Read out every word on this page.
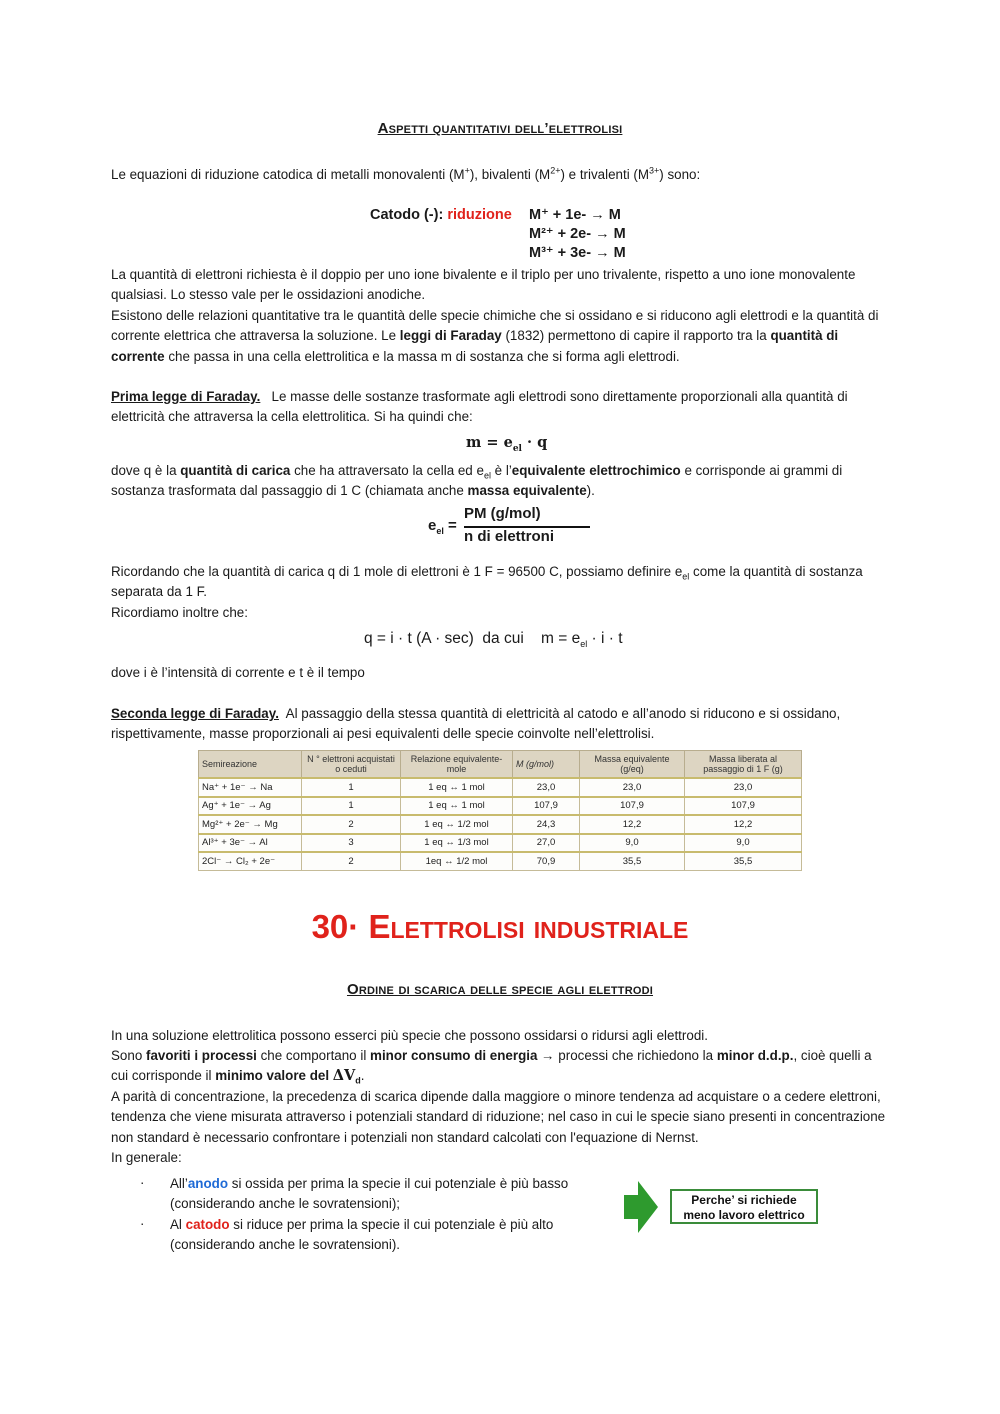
Aspetti quantitativi dell’elettrolisi

Le equazioni di riduzione catodica di metalli monovalenti (M+), bivalenti $(M^{2+})$ e trivalenti $(M^{3+})$ sono:

Catodo (-): riduzione M⁺ + 1e- → M
M²⁺ + 2e- → M
M³⁺ + 3e- → M

La quantità di elettroni richiesta è il doppio per uno ione bivalente e il triplo per uno trivalente, rispetto a uno ione monovalente qualsiasi. Lo stesso vale per le ossidazioni anodiche.

Esistono delle relazioni quantitative tra le quantità delle specie chimiche che si ossidano e si riducono agli elettrodi e la quantità di corrente elettrica che attraversa la soluzione. Le leggi di Faraday (1832) permettono di capire il rapporto tra la quantità di corrente che passa in una cella elettrolitica e la massa m di sostanza che si forma agli elettrodi.

Prima legge di Faraday.   Le masse delle sostanze trasformate agli elettrodi sono direttamente proporzionali alla quantità di elettricità che attraversa la cella elettrolitica. Si ha quindi che:

$m = e_{el} \cdot q$

dove q è la quantità di carica che ha attraversato la cella ed $e_{el}$ è l’equivalente elettrochimico e corrisponde ai grammi di sostanza trasformata dal passaggio di 1 C (chiamata anche massa equivalente).

$e_{el}$ =
PM (g/mol)
n di elettroni

Ricordando che la quantità di carica q di 1 mole di elettroni è 1 F = 96500 C, possiamo definire $e_{el}$ come la quantità di sostanza separata da 1 F.

Ricordiamo inoltre che:

q = i · t (A · sec)  da cui    $m = e_{el} \cdot i \cdot t$

dove i è l’intensità di corrente e t è il tempo

Seconda legge di Faraday.  Al passaggio della stessa quantità di elettricità al catodo e all’anodo si riducono e si ossidano, rispettivamente, masse proporzionali ai pesi equivalenti delle specie coinvolte nell’elettrolisi.

Semireazione	N ° elettroni acquistati o ceduti	Relazione equivalente-mole	M (g/mol)	Massa equivalente (g/eq)	Massa liberata al passaggio di 1 F (g)
Na⁺ + 1e⁻ → Na	1	1 eq ↔ 1 mol	23,0	23,0	23,0
Ag⁺ + 1e⁻ → Ag	1	1 eq ↔ 1 mol	107,9	107,9	107,9
Mg²⁺ + 2e⁻ → Mg	2	1 eq ↔ 1/2 mol	24,3	12,2	12,2
Al³⁺ + 3e⁻ → Al	3	1 eq ↔ 1/3 mol	27,0	9,0	9,0
2Cl⁻ → Cl₂ + 2e⁻	2	1eq ↔ 1/2 mol	70,9	35,5	35,5
30· Elettrolisi industriale
Ordine di scarica delle specie agli elettrodi

In una soluzione elettrolitica possono esserci più specie che possono ossidarsi o ridursi agli elettrodi.

Sono favoriti i processi che comportano il minor consumo di energia → processi che richiedono la minor d.d.p., cioè quelli a cui corrisponde il minimo valore del $\Delta V_d$.

A parità di concentrazione, la precedenza di scarica dipende dalla maggiore o minore tendenza ad acquistare o a cedere elettroni, tendenza che viene misurata attraverso i potenziali standard di riduzione; nel caso in cui le specie siano presenti in concentrazione non standard è necessario confrontare i potenziali non standard calcolati con l'equazione di Nernst.

In generale:

· All’anodo si ossida per prima la specie il cui potenziale è più basso
(considerando anche le sovratensioni);

· Al catodo si riduce per prima la specie il cui potenziale è più alto
(considerando anche le sovratensioni).

Perche’ si richiede
meno lavoro elettrico
